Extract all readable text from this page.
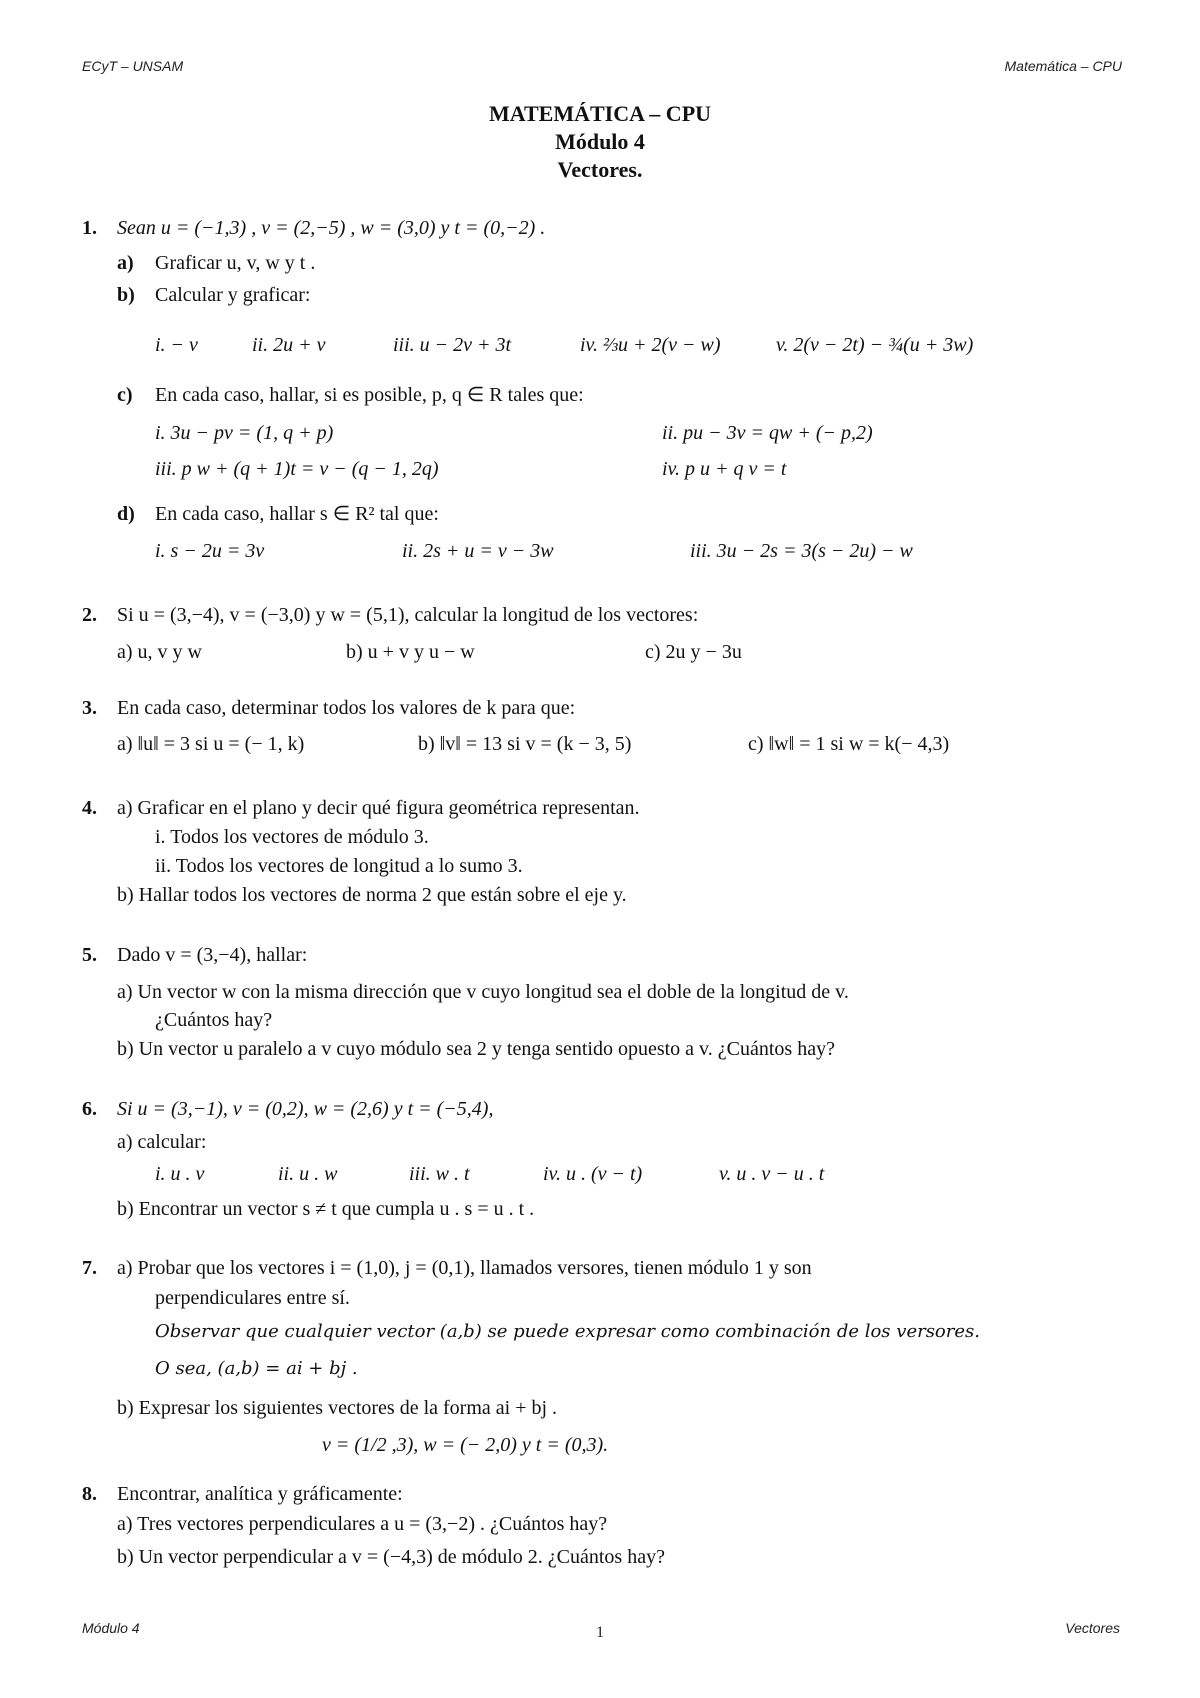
ECyT – UNSAM	Matemática – CPU
MATEMÁTICA – CPU
Módulo 4
Vectores.
1. Sean u = (−1,3) , v = (2,−5) , w = (3,0) y t = (0,−2) .
a) Graficar u, v, w y t .
b) Calcular y graficar:
i. − v	ii. 2u + v	iii. u − 2v + 3t	iv. ⅔u + 2(v − w)	v. 2(v − 2t) − ¾(u + 3w)
c) En cada caso, hallar, si es posible, p, q ∈ R tales que:
i. 3u − pv = (1, q + p)	ii. pu − 3v = qw + (− p,2)
iii. p w + (q + 1)t = v − (q − 1, 2q)	iv. p u + q v = t
d) En cada caso, hallar s ∈ R² tal que:
i. s − 2u = 3v	ii. 2s + u = v − 3w	iii. 3u − 2s = 3(s − 2u) − w
2. Si u = (3,−4), v = (−3,0) y w = (5,1), calcular la longitud de los vectores:
a) u, v y w	b) u + v y u − w	c) 2u y − 3u
3. En cada caso, determinar todos los valores de k para que:
a) ‖u‖ = 3 si u = (− 1, k)	b) ‖v‖ = 13 si v = (k − 3, 5)	c) ‖w‖ = 1 si w = k(− 4,3)
4. a) Graficar en el plano y decir qué figura geométrica representan.
i. Todos los vectores de módulo 3.
ii. Todos los vectores de longitud a lo sumo 3.
b) Hallar todos los vectores de norma 2 que están sobre el eje y.
5. Dado v = (3,−4), hallar:
a) Un vector w con la misma dirección que v cuyo longitud sea el doble de la longitud de v.
¿Cuántos hay?
b) Un vector u paralelo a v cuyo módulo sea 2 y tenga sentido opuesto a v. ¿Cuántos hay?
6. Si u = (3,−1), v = (0,2), w = (2,6) y t = (−5,4),
a) calcular:
i. u . v	ii. u . w	iii. w . t	iv. u . (v − t)	v. u . v − u . t
b) Encontrar un vector s ≠ t que cumpla u . s = u . t .
7. a) Probar que los vectores i = (1,0), j = (0,1), llamados versores, tienen módulo 1 y son
perpendiculares entre sí.
Observar que cualquier vector (a,b) se puede expresar como combinación de los versores.
O sea, (a,b) = ai + bj .
b) Expresar los siguientes vectores de la forma ai + bj .
v = (1/2 ,3), w = (− 2,0) y t = (0,3).
8. Encontrar, analítica y gráficamente:
a) Tres vectores perpendiculares a u = (3,−2) . ¿Cuántos hay?
b) Un vector perpendicular a v = (−4,3) de módulo 2. ¿Cuántos hay?
Módulo 4	1	Vectores
